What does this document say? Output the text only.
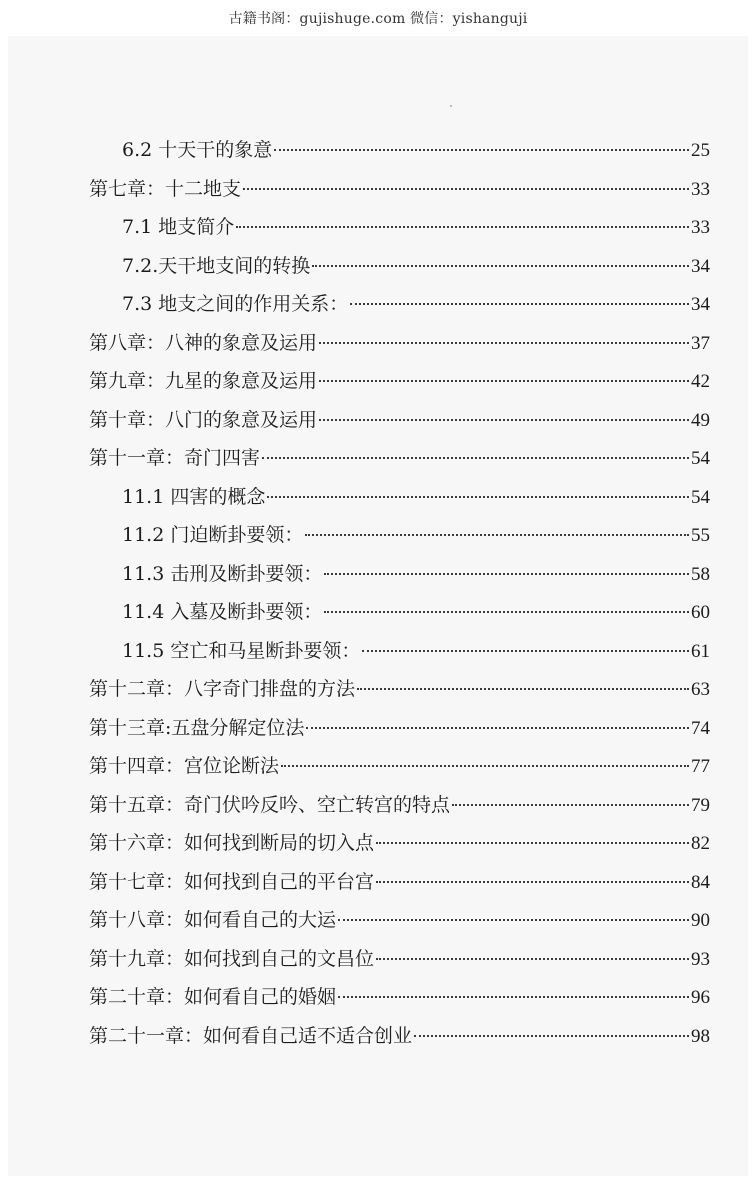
古籍书阁：gujishuge.com 微信：yishanguji
6.2 十天干的象意	25
第七章：十二地支	33
7.1 地支简介	33
7.2.天干地支间的转换	34
7.3 地支之间的作用关系：	34
第八章：八神的象意及运用	37
第九章：九星的象意及运用	42
第十章：八门的象意及运用	49
第十一章：奇门四害	54
11.1 四害的概念	54
11.2 门迫断卦要领：	55
11.3 击刑及断卦要领：	58
11.4 入墓及断卦要领：	60
11.5 空亡和马星断卦要领：	61
第十二章：八字奇门排盘的方法	63
第十三章:五盘分解定位法	74
第十四章：宫位论断法	77
第十五章：奇门伏吟反吟、空亡转宫的特点	79
第十六章：如何找到断局的切入点	82
第十七章：如何找到自己的平台宫	84
第十八章：如何看自己的大运	90
第十九章：如何找到自己的文昌位	93
第二十章：如何看自己的婚姻	96
第二十一章：如何看自己适不适合创业	98
